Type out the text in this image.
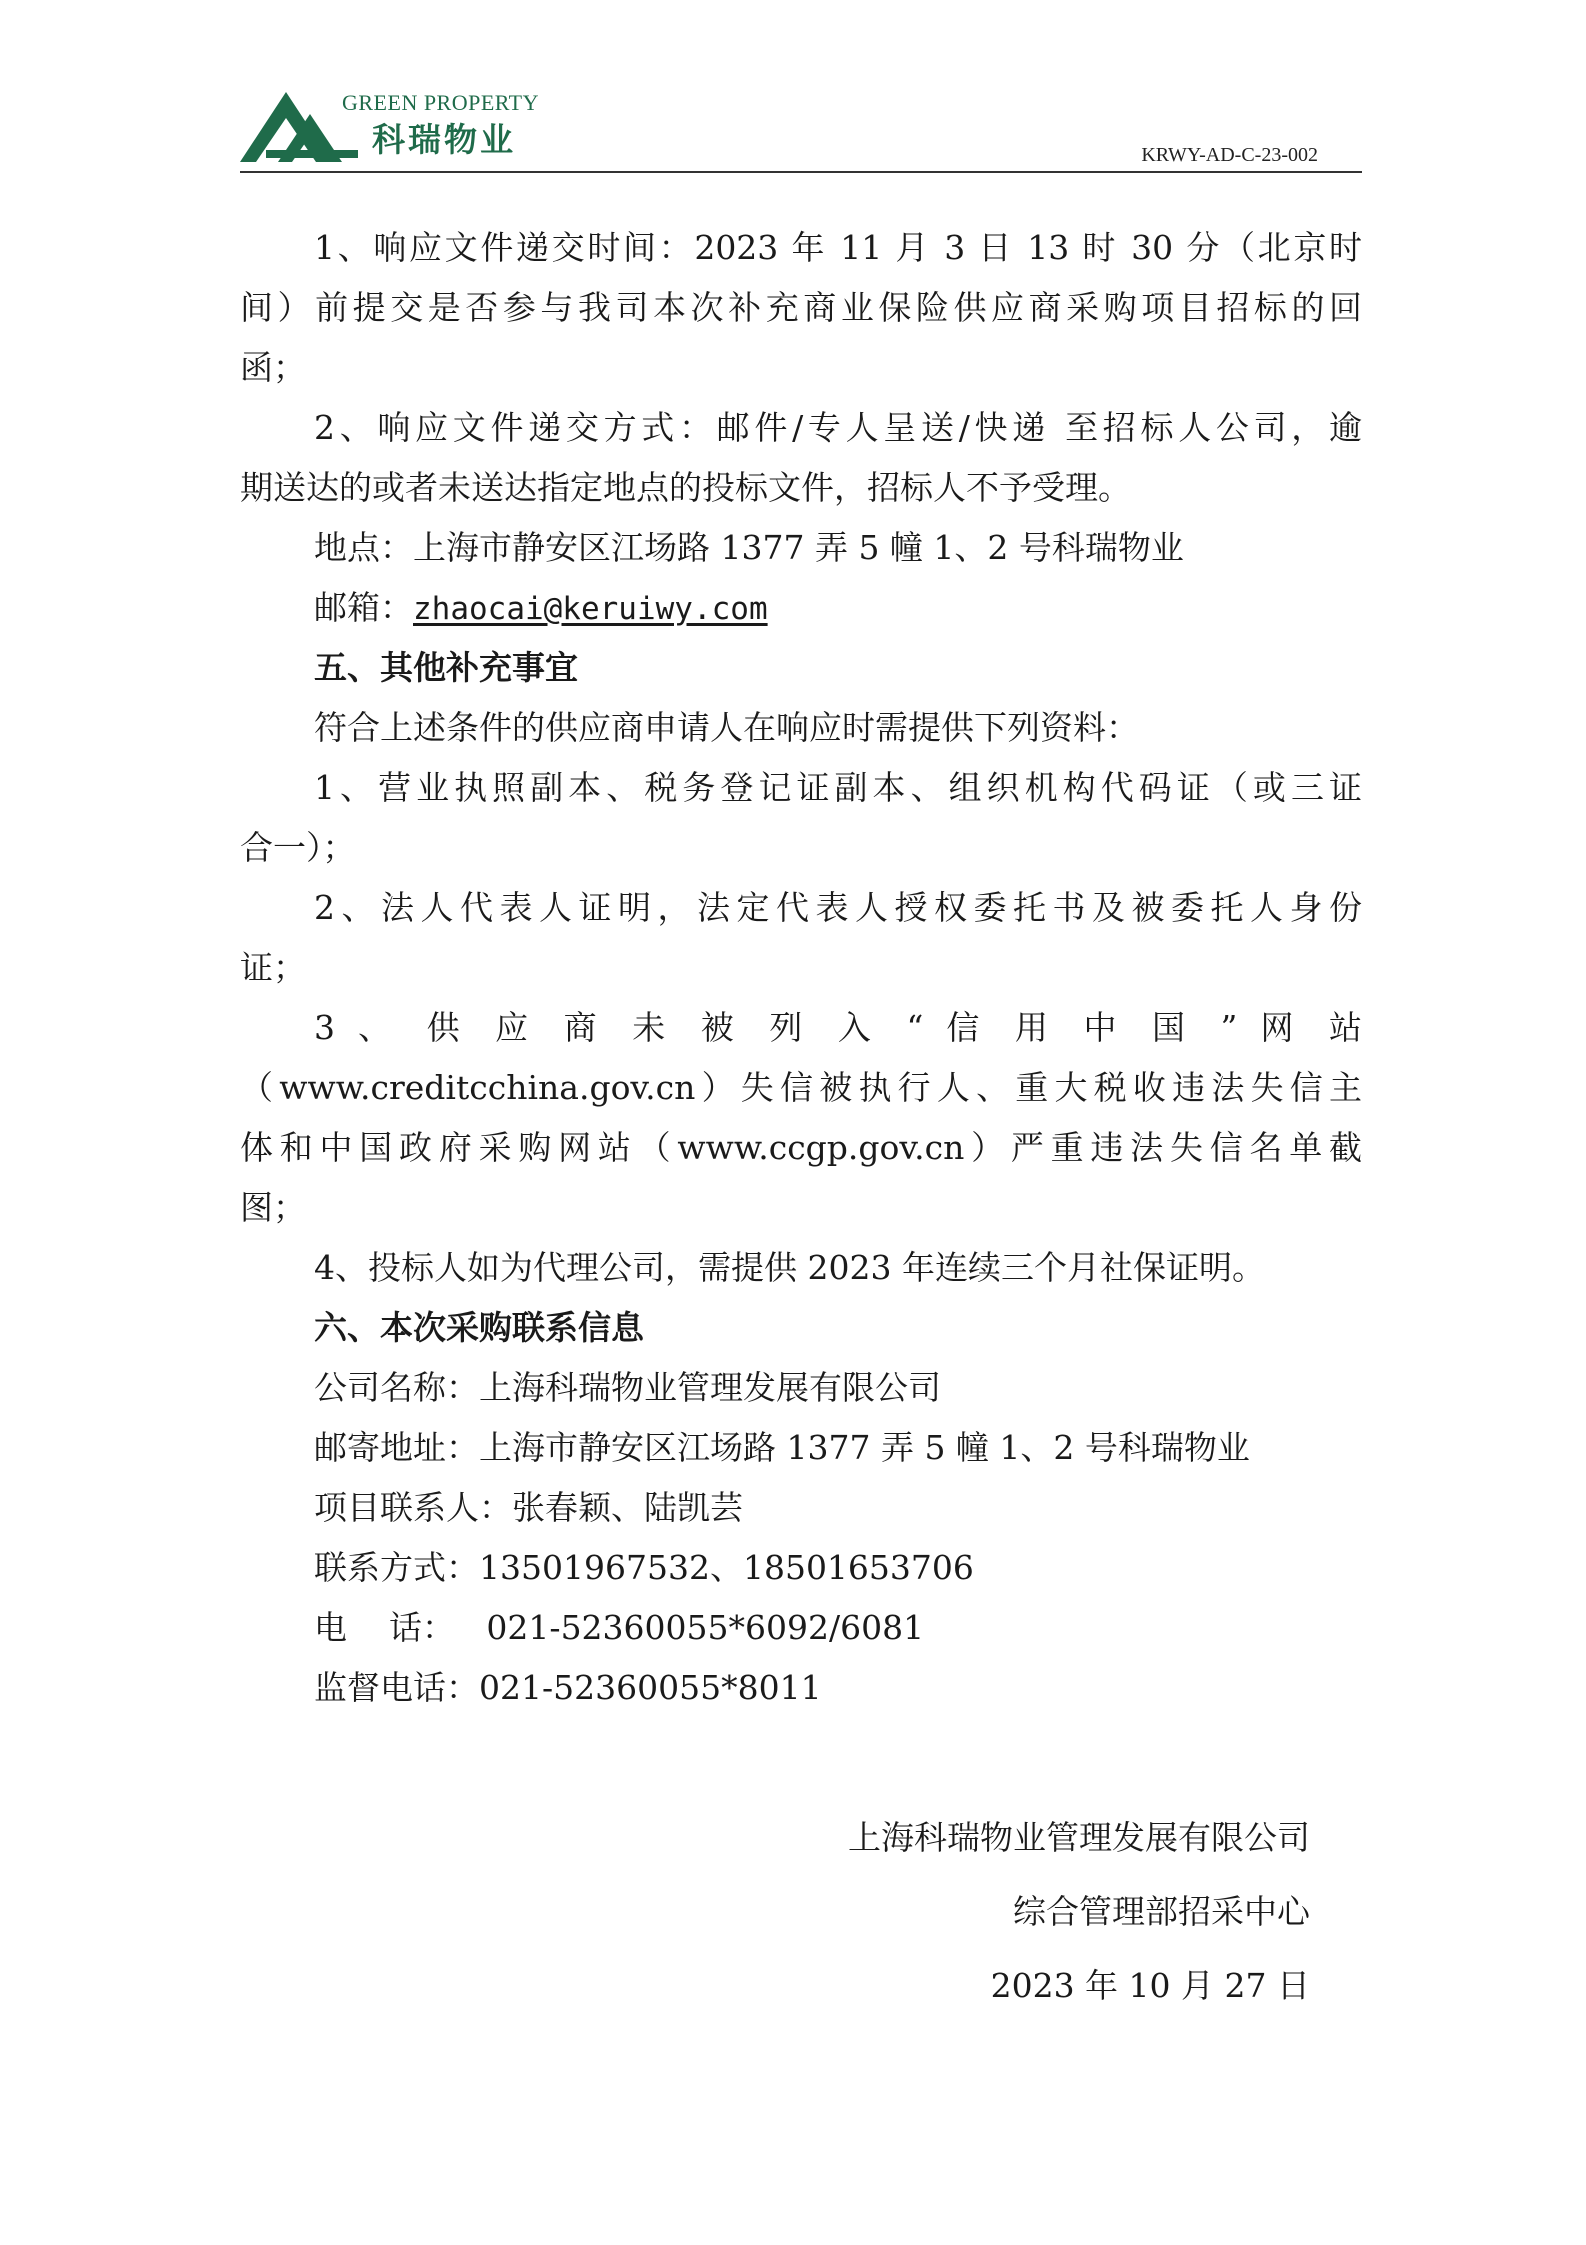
GREEN PROPERTY
科瑞物业	KRWY-AD-C-23-002
1、响应文件递交时间：2023 年 11 月 3 日 13 时 30 分（北京时
间）前提交是否参与我司本次补充商业保险供应商采购项目招标的回
函；
2、响应文件递交方式：邮件/专人呈送/快递 至招标人公司，逾
期送达的或者未送达指定地点的投标文件，招标人不予受理。
地点：上海市静安区江场路 1377 弄 5 幢 1、2 号科瑞物业
邮箱：zhaocai@keruiwy.com
五、其他补充事宜
符合上述条件的供应商申请人在响应时需提供下列资料：
1、营业执照副本、税务登记证副本、组织机构代码证（或三证
合一）；
2、法人代表人证明，法定代表人授权委托书及被委托人身份
证；
3 、 供 应 商 未 被 列 入 “ 信 用 中 国 ” 网 站
（www.creditcchina.gov.cn）失信被执行人、重大税收违法失信主
体和中国政府采购网站（www.ccgp.gov.cn）严重违法失信名单截
图；
4、投标人如为代理公司，需提供 2023 年连续三个月社保证明。
六、本次采购联系信息
公司名称：上海科瑞物业管理发展有限公司
邮寄地址：上海市静安区江场路 1377 弄 5 幢 1、2 号科瑞物业
项目联系人：张春颖、陆凯芸
联系方式：13501967532、18501653706
电    话：   021-52360055*6092/6081
监督电话：021-52360055*8011
上海科瑞物业管理发展有限公司
综合管理部招采中心
2023 年 10 月 27 日
